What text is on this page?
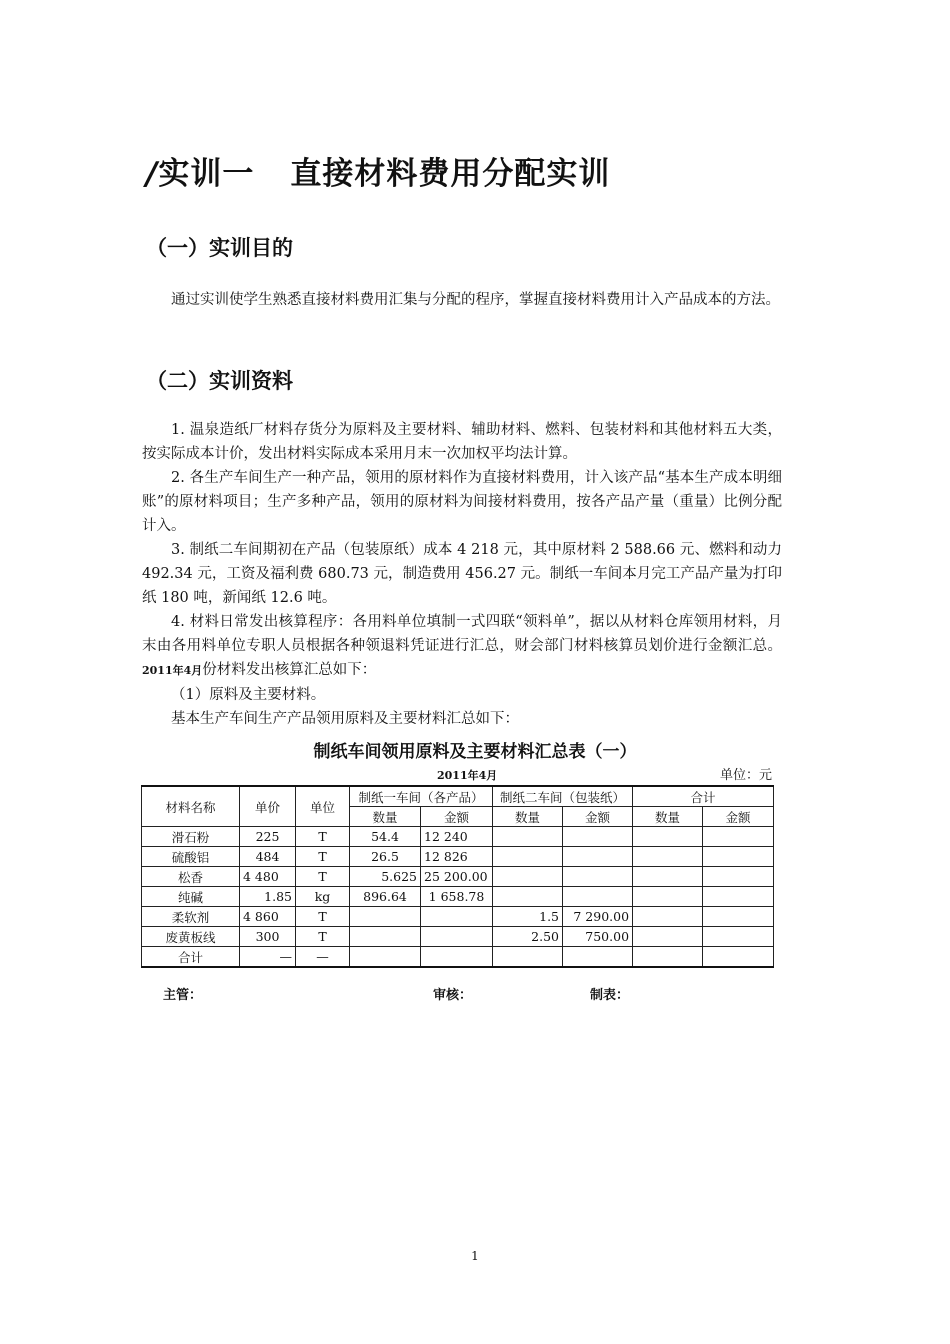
/实训一 直接材料费用分配实训
（一）实训目的

通过实训使学生熟悉直接材料费用汇集与分配的程序，掌握直接材料费用计入产品成本的方法。

（二）实训资料

1. 温泉造纸厂材料存货分为原料及主要材料、辅助材料、燃料、包装材料和其他材料五大类，按实际成本计价，发出材料实际成本采用月末一次加权平均法计算。

2. 各生产车间生产一种产品，领用的原材料作为直接材料费用，计入该产品“基本生产成本明细账”的原材料项目；生产多种产品，领用的原材料为间接材料费用，按各产品产量（重量）比例分配计入。

3. 制纸二车间期初在产品（包装原纸）成本 4 218 元，其中原材料 2 588.66 元、燃料和动力 492.34 元，工资及福利费 680.73 元，制造费用 456.27 元。制纸一车间本月完工产品产量为打印纸 180 吨，新闻纸 12.6 吨。

4. 材料日常发出核算程序：各用料单位填制一式四联“领料单”，据以从材料仓库领用材料，月末由各用料单位专职人员根据各种领退料凭证进行汇总，财会部门材料核算员划价进行金额汇总。2011年4月份材料发出核算汇总如下：

（1）原料及主要材料。

基本生产车间生产产品领用原料及主要材料汇总如下：

制纸车间领用原料及主要材料汇总表（一）
2011年4月	单位：元
材料名称	单价	单位	制纸一车间（各产品）		制纸二车间（包装纸）		合计	
			数量	金额	数量	金额	数量	金额
滑石粉	225	T	54.4	12 240				
硫酸铝	484	T	26.5	12 826				
松香	4 480	T	5.625	25 200.00				
纯碱	1.85	kg	896.64	1 658.78				
柔软剂	4 860	T			1.5	7 290.00		
废黄板线	300	T			2.50	750.00		
合计	—	—						
主管：	审核：	制表：
1
